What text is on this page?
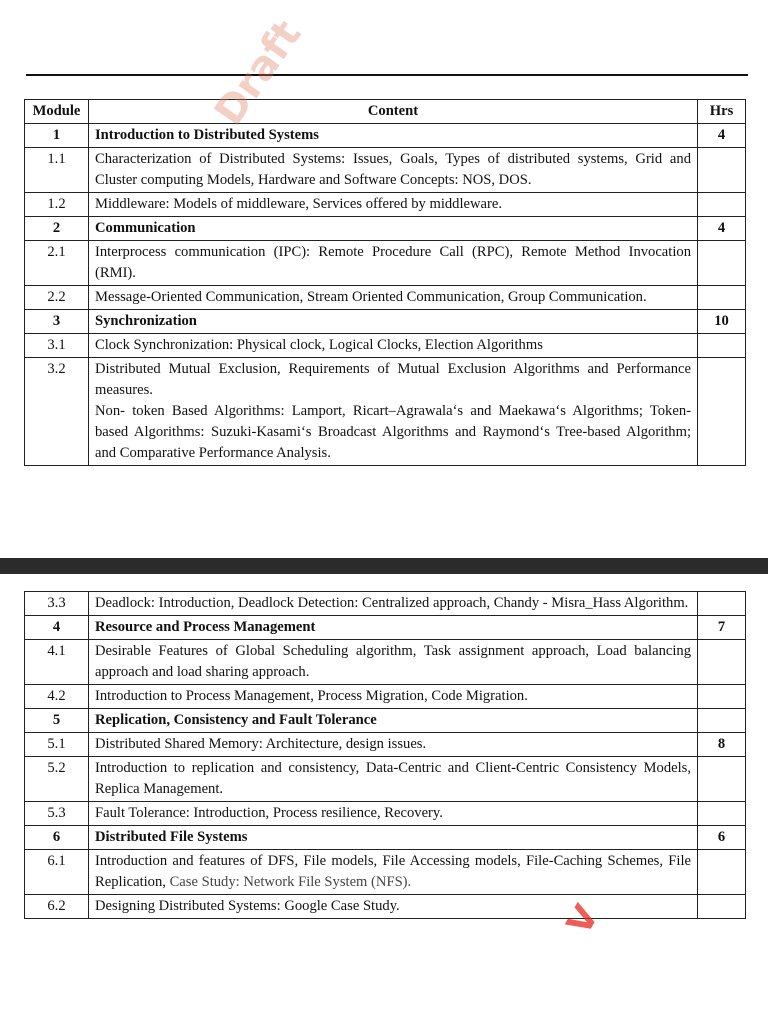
Module	Content	Hrs
1	Introduction to Distributed Systems	4
1.1	Characterization of Distributed Systems: Issues, Goals, Types of distributed systems, Grid and Cluster computing Models, Hardware and Software Concepts: NOS, DOS.	
1.2	Middleware: Models of middleware, Services offered by middleware.	
2	Communication	4
2.1	Interprocess communication (IPC): Remote Procedure Call (RPC), Remote Method Invocation (RMI).	
2.2	Message-Oriented Communication, Stream Oriented Communication, Group Communication.	
3	Synchronization	10
3.1	Clock Synchronization: Physical clock, Logical Clocks, Election Algorithms	
3.2	Distributed Mutual Exclusion, Requirements of Mutual Exclusion Algorithms and Performance measures.
Non- token Based Algorithms: Lamport, Ricart–Agrawala‘s and Maekawa‘s Algorithms; Token-based Algorithms: Suzuki-Kasami‘s Broadcast Algorithms and Raymond‘s Tree-based Algorithm; and Comparative Performance Analysis.	

3.3	Deadlock: Introduction, Deadlock Detection: Centralized approach, Chandy - Misra_Hass Algorithm.	
4	Resource and Process Management	7
4.1	Desirable Features of Global Scheduling algorithm, Task assignment approach, Load balancing approach and load sharing approach.	
4.2	Introduction to Process Management, Process Migration, Code Migration.	
5	Replication, Consistency and Fault Tolerance	
5.1	Distributed Shared Memory: Architecture, design issues.	8
5.2	Introduction to replication and consistency, Data-Centric and Client-Centric Consistency Models, Replica Management.	
5.3	Fault Tolerance: Introduction, Process resilience, Recovery.	
6	Distributed File Systems	6
6.1	Introduction and features of DFS, File models, File Accessing models, File-Caching Schemes, File Replication, Case Study: Network File System (NFS).	
6.2	Designing Distributed Systems: Google Case Study.	
Draft
V
